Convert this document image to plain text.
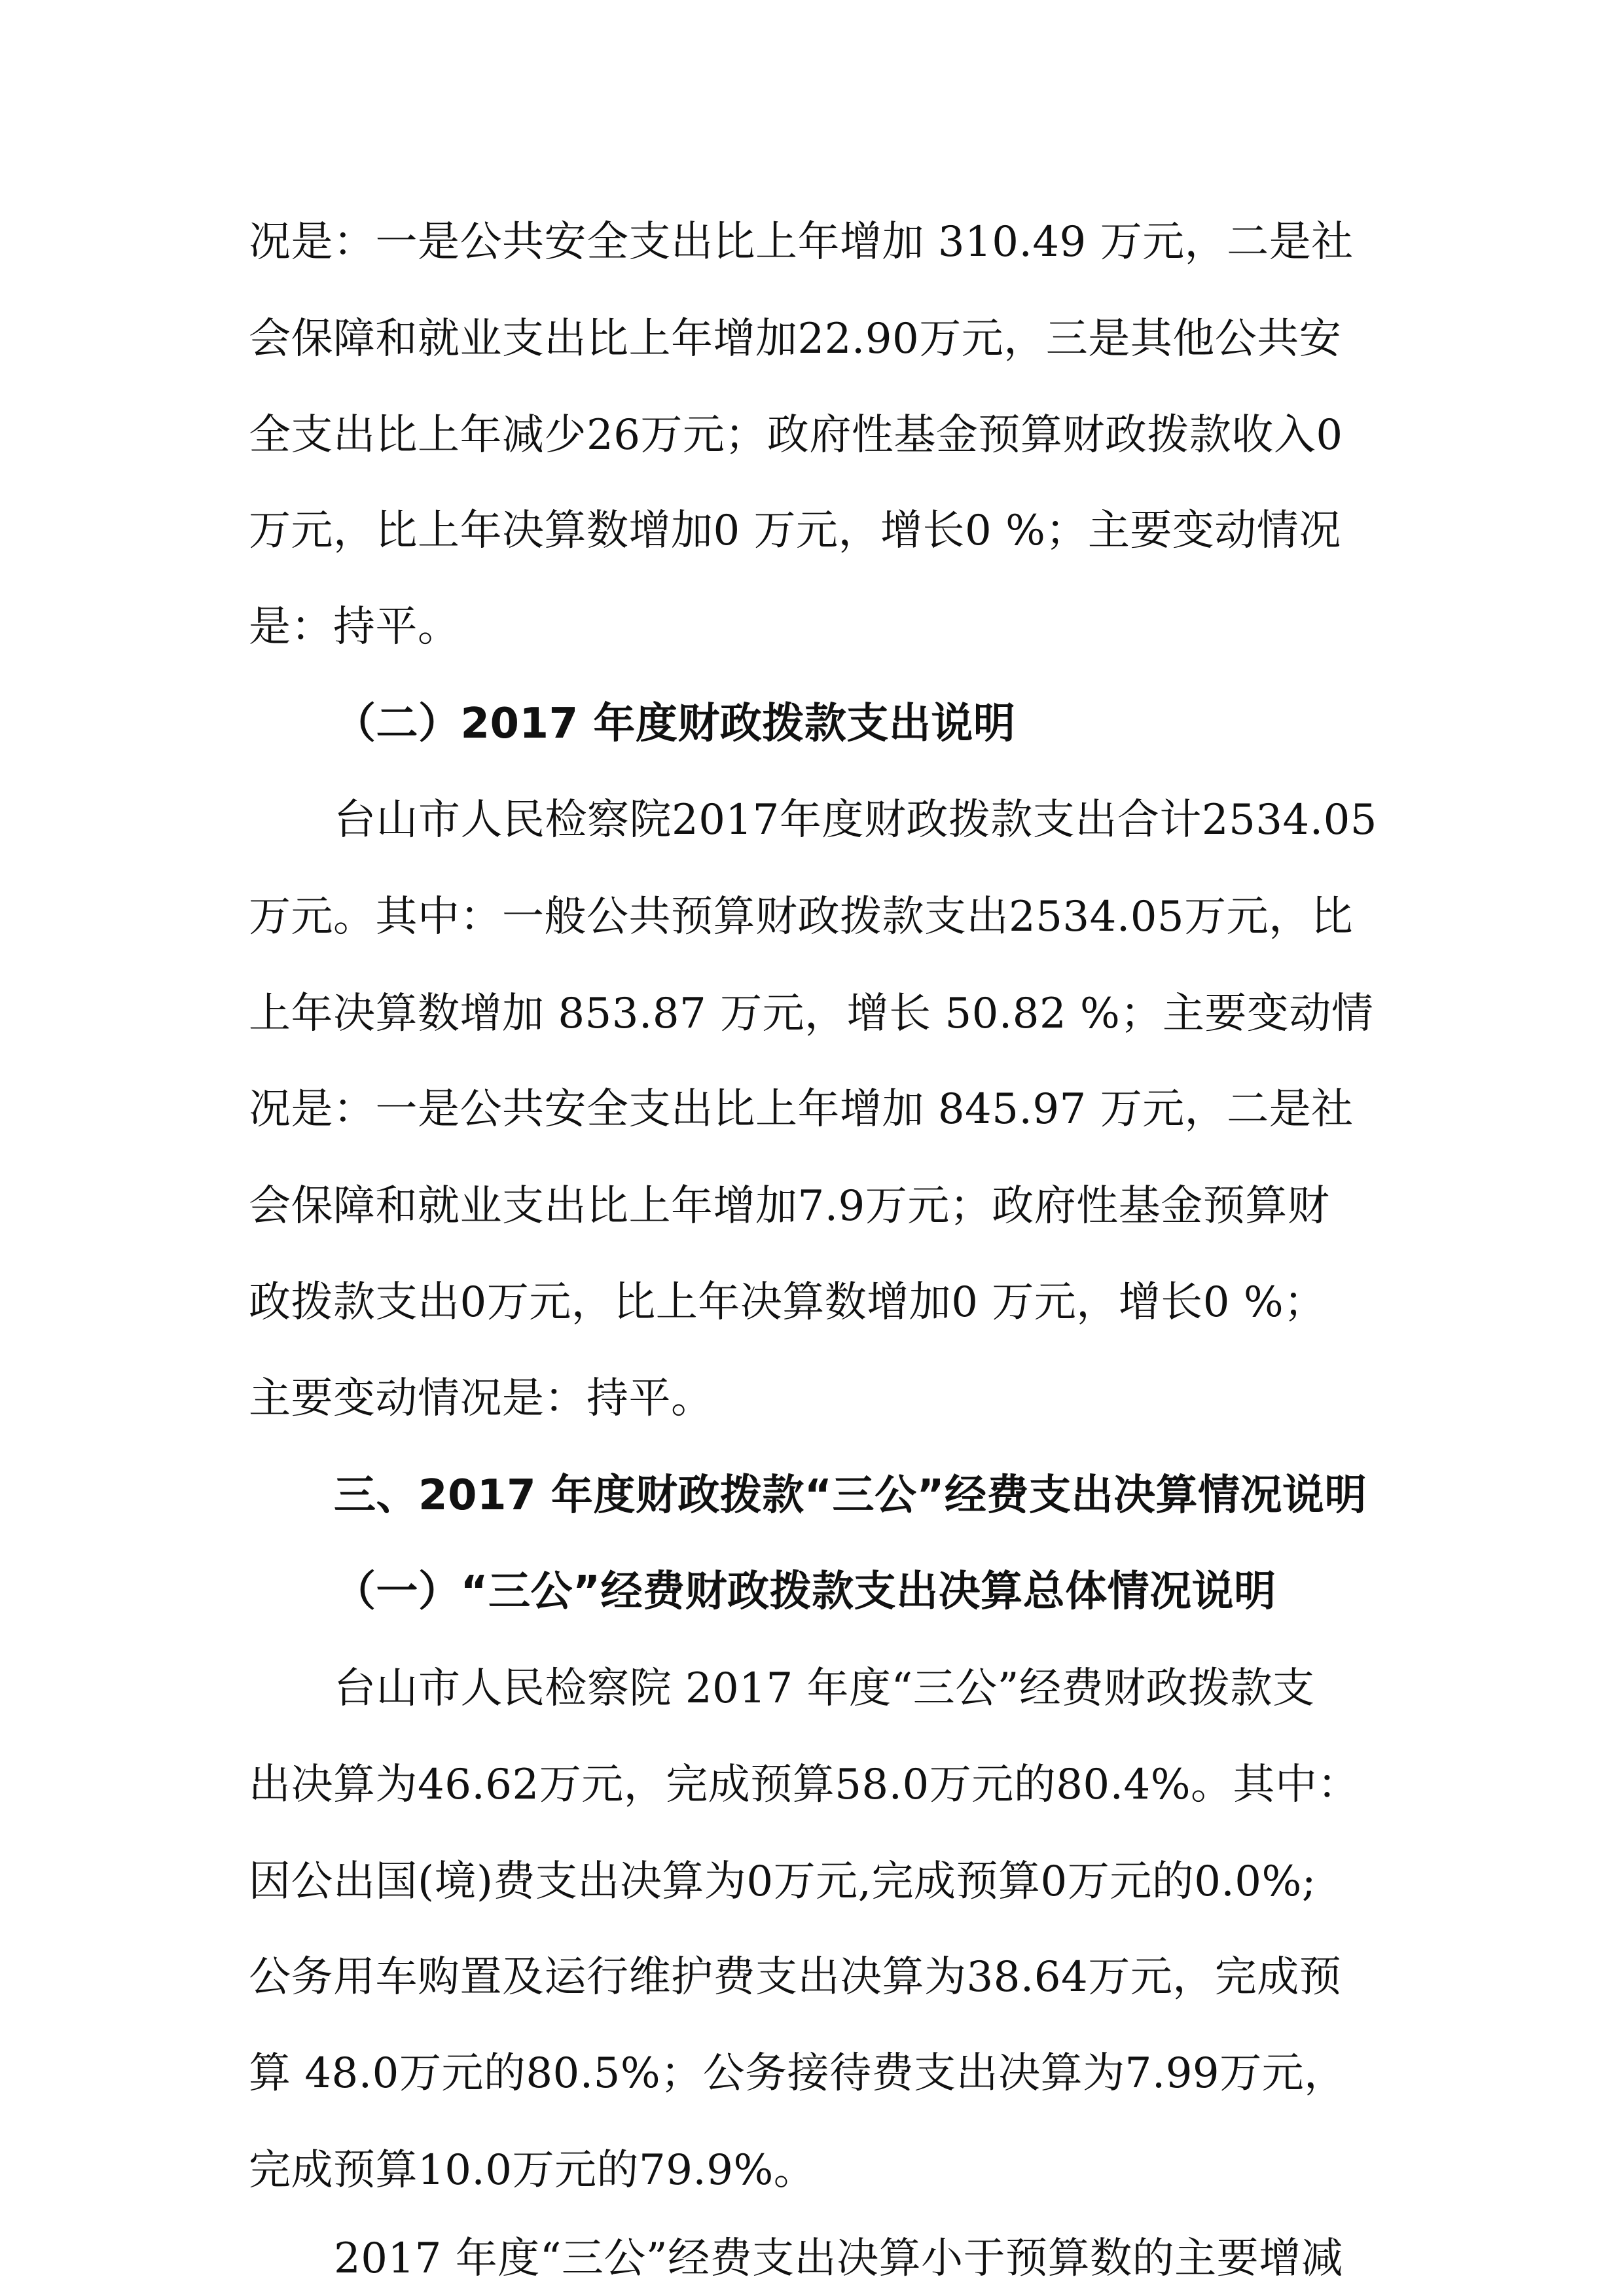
况是：一是公共安全支出比上年增加 310.49 万元，二是社
会保障和就业支出比上年增加22.90万元，三是其他公共安
全支出比上年减少26万元；政府性基金预算财政拨款收入0
万元，比上年决算数增加0 万元，增长0 %；主要变动情况
是：持平。
（二）2017 年度财政拨款支出说明
台山市人民检察院2017年度财政拨款支出合计2534.05
万元。其中：一般公共预算财政拨款支出2534.05万元，比
上年决算数增加 853.87 万元，增长 50.82 %；主要变动情
况是：一是公共安全支出比上年增加 845.97 万元，二是社
会保障和就业支出比上年增加7.9万元；政府性基金预算财
政拨款支出0万元，比上年决算数增加0 万元，增长0 %；
主要变动情况是：持平。
三、2017 年度财政拨款“三公”经费支出决算情况说明
（一）“三公”经费财政拨款支出决算总体情况说明
台山市人民检察院 2017 年度“三公”经费财政拨款支
出决算为46.62万元，完成预算58.0万元的80.4%。其中：
因公出国(境)费支出决算为0万元,完成预算0万元的0.0%;
公务用车购置及运行维护费支出决算为38.64万元，完成预
算 48.0万元的80.5%；公务接待费支出决算为7.99万元，
完成预算10.0万元的79.9%。
2017 年度“三公”经费支出决算小于预算数的主要增减
